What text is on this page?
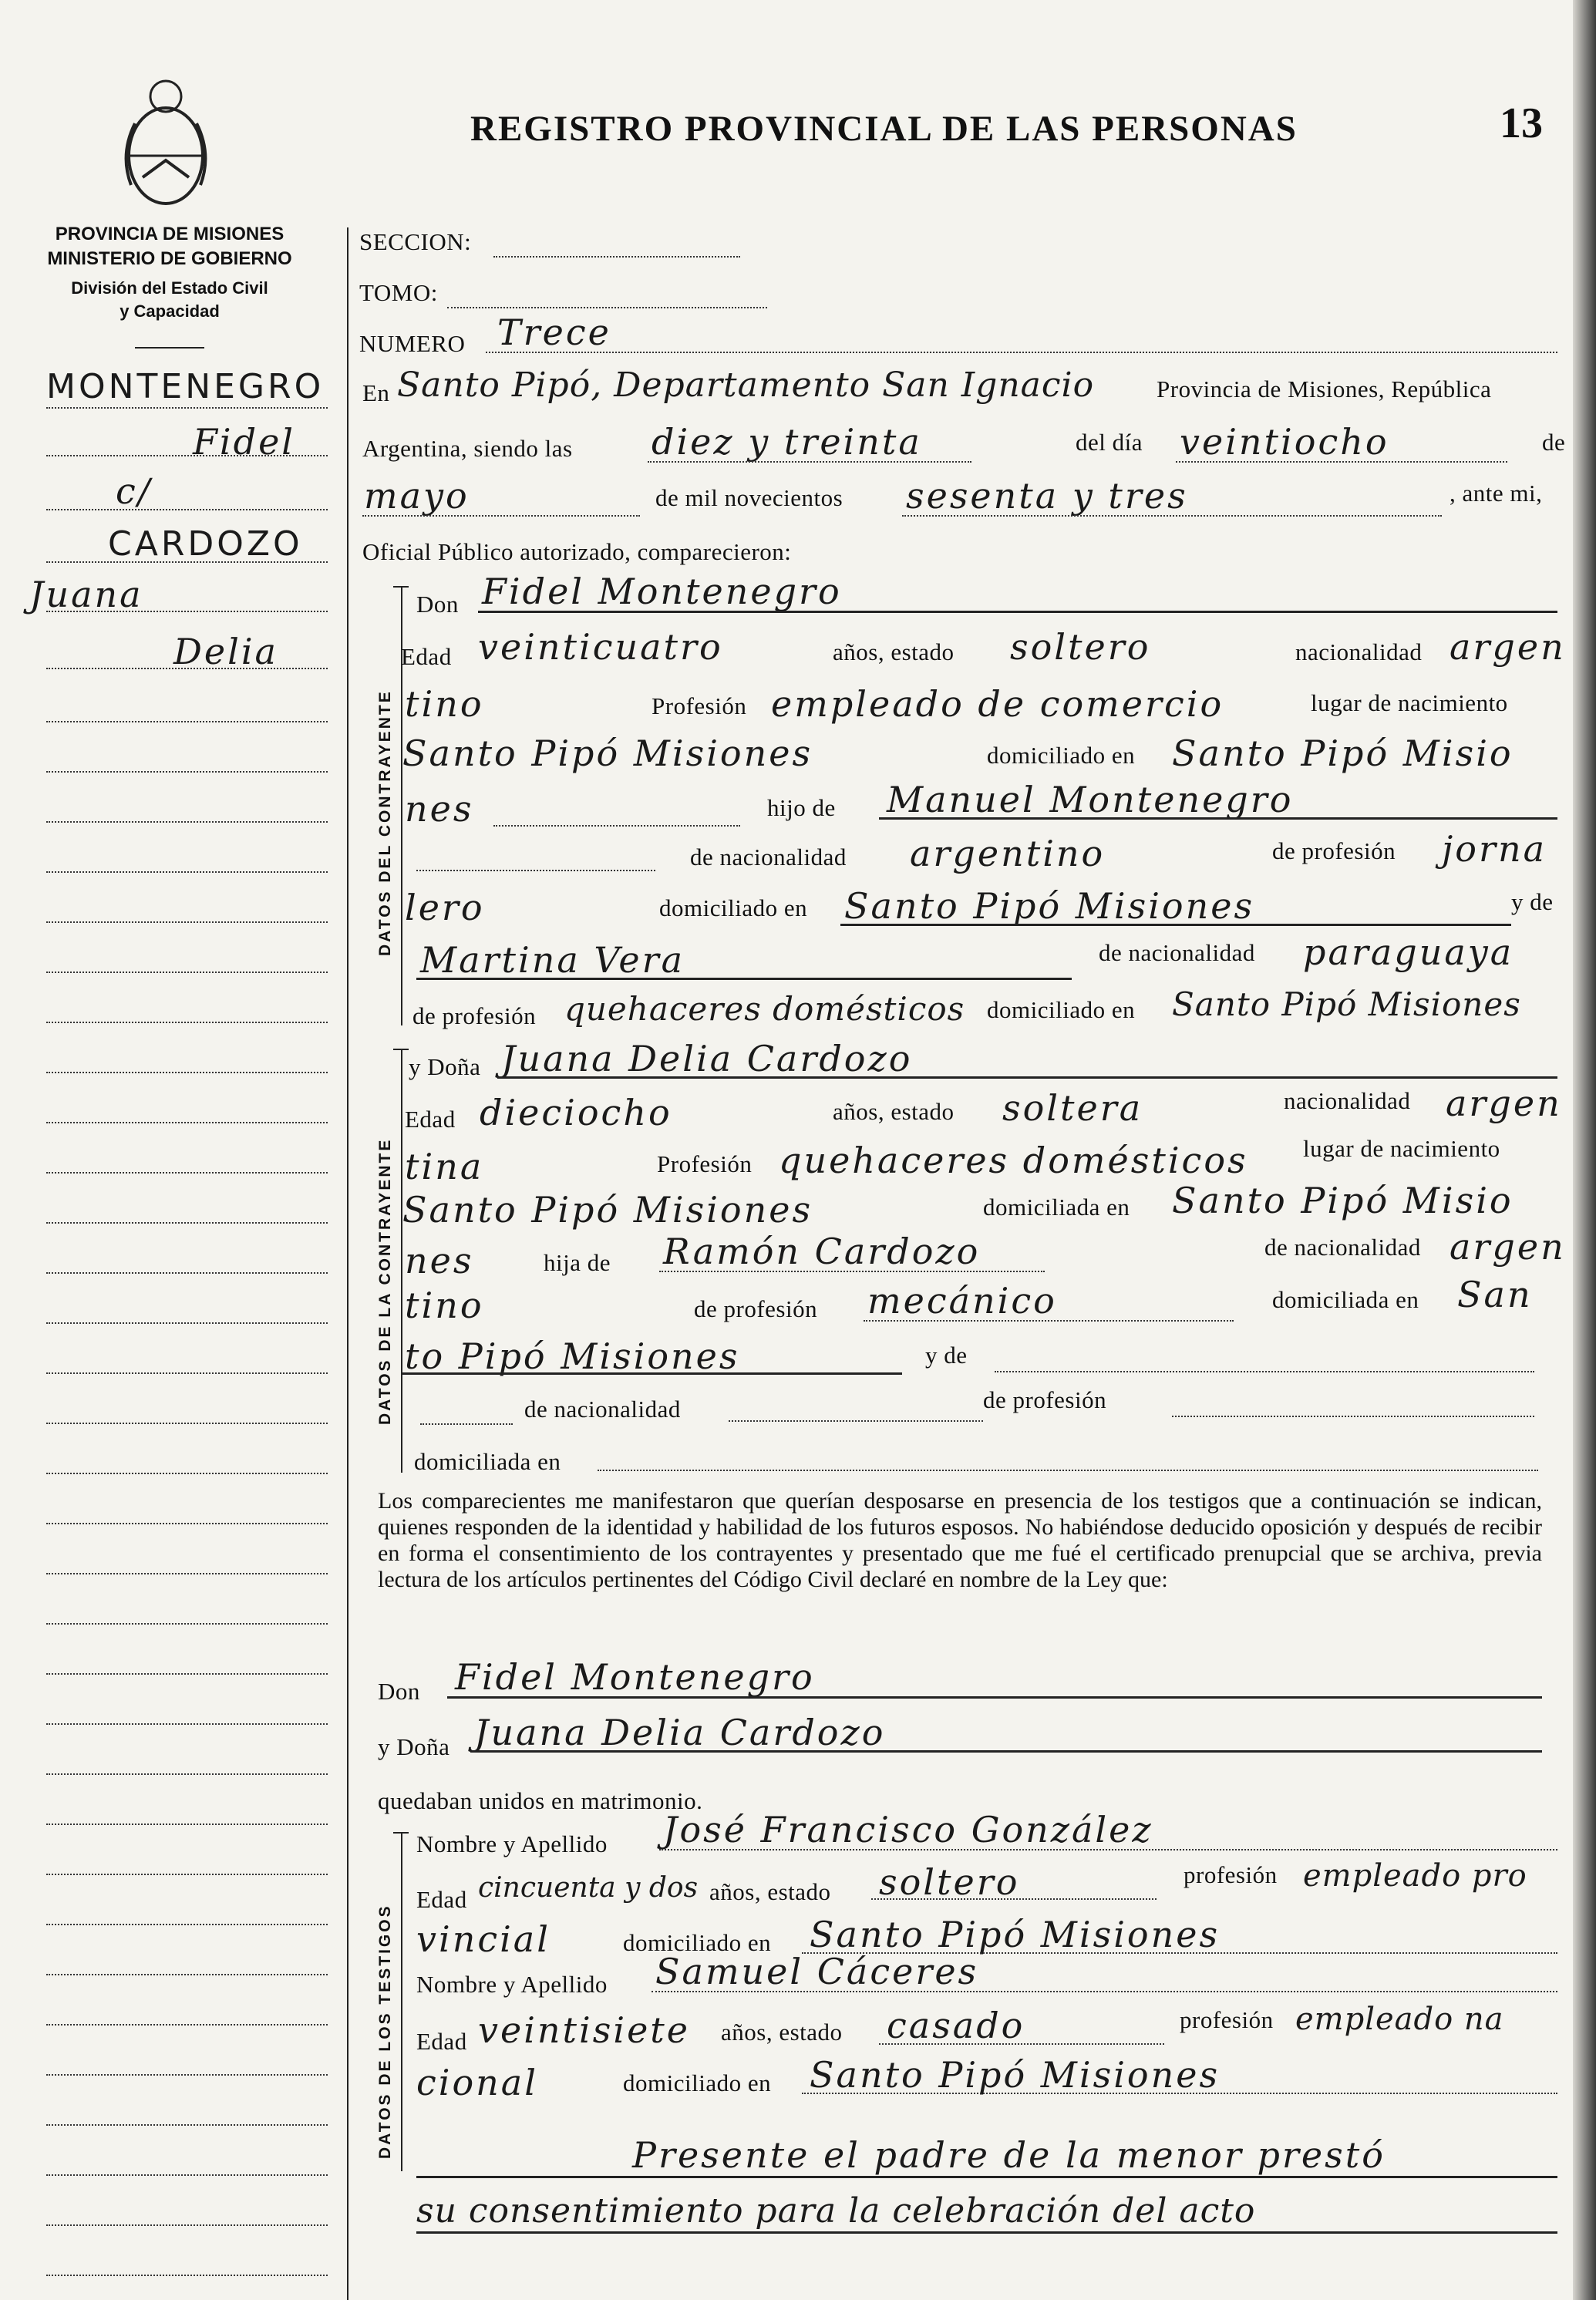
PROVINCIA DE MISIONES
MINISTERIO DE GOBIERNO
División del Estado Civil
y Capacidad
REGISTRO PROVINCIAL DE LAS PERSONAS	13
MONTENEGRO
Fidel
c/
CARDOZO
Juana
Delia
SECCION:
TOMO:
NUMERO Trece
En Santo Pipó, Departamento San Ignacio	Provincia de Misiones, República
Argentina, siendo las diez y treinta	del día veintiocho	de
mayo	de mil novecientos sesenta y tres	, ante mi,
Oficial Público autorizado, comparecieron:
DATOS DEL CONTRAYENTE
Don Fidel Montenegro
Edad veinticuatro	años, estado soltero	nacionalidad argen
tino	Profesión empleado de comercio	lugar de nacimiento
Santo Pipó Misiones	domiciliado en Santo Pipó Misio
nes	hijo de Manuel Montenegro
de nacionalidad argentino	de profesión jorna
lero	domiciliado en Santo Pipó Misiones	y de
Martina Vera	de nacionalidad paraguaya
de profesión quehaceres domésticos domiciliado en Santo Pipó Misiones
DATOS DE LA CONTRAYENTE
y Doña Juana Delia Cardozo
Edad dieciocho	años, estado soltera	nacionalidad argen
tina	Profesión quehaceres domésticos lugar de nacimiento
Santo Pipó Misiones	domiciliada en Santo Pipó Misio
nes	hija de Ramón Cardozo	de nacionalidad argen
tino	de profesión mecánico	domiciliada en San
to Pipó Misiones	y de
de nacionalidad	de profesión
domiciliada en
Los comparecientes me manifestaron que querían desposarse en presencia de los testigos que a continuación se indican, quienes responden de la identidad y habilidad de los futuros esposos. No habiéndose deducido oposición y después de recibir en forma el consentimiento de los contrayentes y presentado que me fué el certificado prenupcial que se archiva, previa lectura de los artículos pertinentes del Código Civil declaré en nombre de la Ley que:
Don Fidel Montenegro
y Doña Juana Delia Cardozo
quedaban unidos en matrimonio.
DATOS DE LOS TESTIGOS
Nombre y Apellido José Francisco González
Edad cincuenta y dos años, estado soltero	profesión empleado pro
vincial	domiciliado en Santo Pipó Misiones
Nombre y Apellido Samuel Cáceres
Edad veintisiete años, estado casado	profesión empleado na
cional	domiciliado en Santo Pipó Misiones
Presente el padre de la menor prestó
su consentimiento para la celebración del acto
